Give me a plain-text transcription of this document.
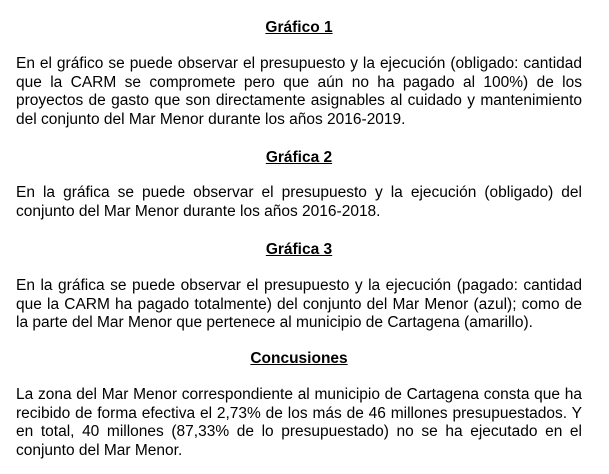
Gráfico 1

En el gráfico se puede observar el presupuesto y la ejecución (obligado: cantidad que la CARM se compromete pero que aún no ha pagado al 100%) de los proyectos de gasto que son directamente asignables al cuidado y mantenimiento del conjunto del Mar Menor durante los años 2016-2019.

Gráfica 2

En la gráfica se puede observar el presupuesto y la ejecución (obligado) del conjunto del Mar Menor durante los años 2016-2018.

Gráfica 3

En la gráfica se puede observar el presupuesto y la ejecución (pagado: cantidad que la CARM ha pagado totalmente) del conjunto del Mar Menor (azul); como de la parte del Mar Menor que pertenece al municipio de Cartagena (amarillo).

Concusiones

La zona del Mar Menor correspondiente al municipio de Cartagena consta que ha recibido de forma efectiva el 2,73% de los más de 46 millones presupuestados. Y en total, 40 millones (87,33% de lo presupuestado) no se ha ejecutado en el conjunto del Mar Menor.
